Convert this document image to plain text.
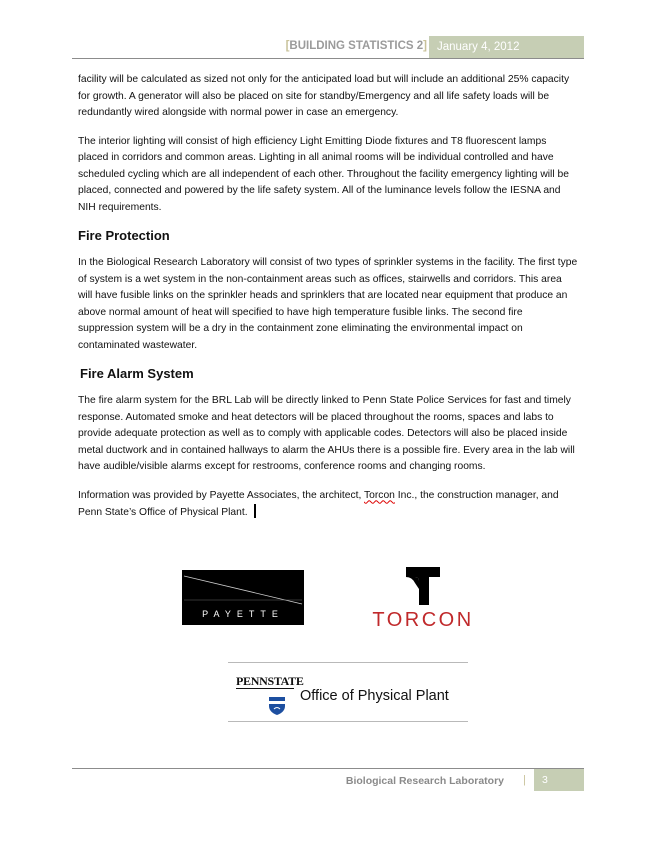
[BUILDING STATISTICS 2] January 4, 2012

facility will be calculated as sized not only for the anticipated load but will include an additional 25% capacity for growth. A generator will also be placed on site for standby/Emergency and all life safety loads will be redundantly wired alongside with normal power in case an emergency.

The interior lighting will consist of high efficiency Light Emitting Diode fixtures and T8 fluorescent lamps placed in corridors and common areas. Lighting in all animal rooms will be individual controlled and have scheduled cycling which are all independent of each other. Throughout the facility emergency lighting will be placed, connected and powered by the life safety system. All of the luminance levels follow the IESNA and NIH requirements.

Fire Protection

In the Biological Research Laboratory will consist of two types of sprinkler systems in the facility. The first type of system is a wet system in the non-containment areas such as offices, stairwells and corridors. This area will have fusible links on the sprinkler heads and sprinklers that are located near equipment that produce an above normal amount of heat will specified to have high temperature fusible links. The second fire suppression system will be a dry in the containment zone eliminating the environmental impact on contaminated wastewater.

Fire Alarm System

The fire alarm system for the BRL Lab will be directly linked to Penn State Police Services for fast and timely response. Automated smoke and heat detectors will be placed throughout the rooms, spaces and labs to provide adequate protection as well as to comply with applicable codes. Detectors will also be placed inside metal ductwork and in contained hallways to alarm the AHUs there is a possible fire. Every area in the lab will have audible/visible alarms except for restrooms, conference rooms and changing rooms.

Information was provided by Payette Associates, the architect, Torcon Inc., the construction manager, and Penn State’s Office of Physical Plant.

PAYETTE	TORCON
PENNSTATE
Office of Physical Plant
Biological Research Laboratory |	3
